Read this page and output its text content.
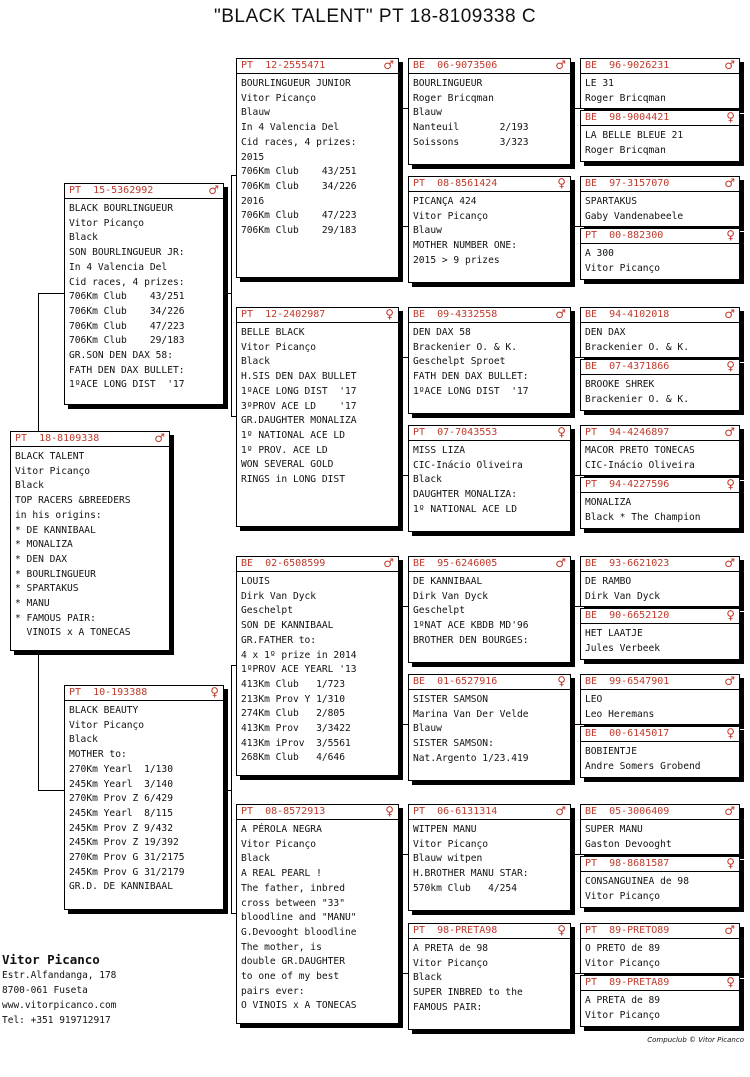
"BLACK TALENT" PT 18-8109338 C
PT  18-8109338	♂
BLACK TALENT
Vitor Picanço
Black
TOP RACERS &BREEDERS
in his origins:
* DE KANNIBAAL
* MONALIZA
* DEN DAX
* BOURLINGUEUR
* SPARTAKUS
* MANU
* FAMOUS PAIR:
VINOIS x A TONECAS
PT  15-5362992	♂
BLACK BOURLINGUEUR
Vitor Picanço
Black
SON BOURLINGUEUR JR:
In 4 Valencia Del
Cid races, 4 prizes:
706Km Club    43/251
706Km Club    34/226
706Km Club    47/223
706Km Club    29/183
GR.SON DEN DAX 58:
FATH DEN DAX BULLET:
1ºACE LONG DIST  '17
PT  10-193388	♀
BLACK BEAUTY
Vitor Picanço
Black
MOTHER to:
270Km Yearl  1/130
245Km Yearl  3/140
270Km Prov Z 6/429
245Km Yearl  8/115
245Km Prov Z 9/432
245Km Prov Z 19/392
270Km Prov G 31/2175
245Km Prov G 31/2179
GR.D. DE KANNIBAAL
PT  12-2555471	♂
BOURLINGUEUR JUNIOR
Vitor Picanço
Blauw
In 4 Valencia Del
Cid races, 4 prizes:
2015
706Km Club    43/251
706Km Club    34/226
2016
706Km Club    47/223
706Km Club    29/183
PT  12-2402987	♀
BELLE BLACK
Vitor Picanço
Black
H.SIS DEN DAX BULLET
1ºACE LONG DIST  '17
3ºPROV ACE LD    '17
GR.DAUGHTER MONALIZA
1º NATIONAL ACE LD
1º PROV. ACE LD
WON SEVERAL GOLD
RINGS in LONG DIST
BE  02-6508599	♂
LOUIS
Dirk Van Dyck
Geschelpt
SON DE KANNIBAAL
GR.FATHER to:
4 x 1º prize in 2014
1ºPROV ACE YEARL '13
413Km Club   1/723
213Km Prov Y 1/310
274Km Club   2/805
413Km Prov   3/3422
413Km iProv  3/5561
268Km Club   4/646
PT  08-8572913	♀
A PÉROLA NEGRA
Vitor Picanço
Black
A REAL PEARL !
The father, inbred
cross between "33"
bloodline and "MANU"
G.Devooght bloodline
The mother, is
double GR.DAUGHTER
to one of my best
pairs ever:
O VINOIS x A TONECAS
BE  06-9073506	♂
BOURLINGUEUR
Roger Bricqman
Blauw
Nanteuil       2/193
Soissons       3/323
PT  08-8561424	♀
PICANÇA 424
Vitor Picanço
Blauw
MOTHER NUMBER ONE:
2015 > 9 prizes
BE  09-4332558	♂
DEN DAX 58
Brackenier O. & K.
Geschelpt Sproet
FATH DEN DAX BULLET:
1ºACE LONG DIST  '17
PT  07-7043553	♀
MISS LIZA
CIC-Inácio Oliveira
Black
DAUGHTER MONALIZA:
1º NATIONAL ACE LD
BE  95-6246005	♂
DE KANNIBAAL
Dirk Van Dyck
Geschelpt
1ºNAT ACE KBDB MD'96
BROTHER DEN BOURGES:
BE  01-6527916	♀
SISTER SAMSON
Marina Van Der Velde
Blauw
SISTER SAMSON:
Nat.Argento 1/23.419
PT  06-6131314	♂
WITPEN MANU
Vitor Picanço
Blauw witpen
H.BROTHER MANU STAR:
570km Club   4/254
PT  98-PRETA98	♀
A PRETA de 98
Vitor Picanço
Black
SUPER INBRED to the
FAMOUS PAIR:
BE  96-9026231	♂
LE 31
Roger Bricqman
BE  98-9004421	♀
LA BELLE BLEUE 21
Roger Bricqman
BE  97-3157070	♂
SPARTAKUS
Gaby Vandenabeele
PT  00-882300	♀
A 300
Vitor Picanço
BE  94-4102018	♂
DEN DAX
Brackenier O. & K.
BE  07-4371866	♀
BROOKE SHREK
Brackenier O. & K.
PT  94-4246897	♂
MACOR PRETO TONECAS
CIC-Inácio Oliveira
PT  94-4227596	♀
MONALIZA
Black * The Champion
BE  93-6621023	♂
DE RAMBO
Dirk Van Dyck
BE  90-6652120	♀
HET LAATJE
Jules Verbeek
BE  99-6547901	♂
LEO
Leo Heremans
BE  00-6145017	♀
BOBIENTJE
Andre Somers Grobend
BE  05-3006409	♂
SUPER MANU
Gaston Devooght
PT  98-8681587	♀
CONSANGUINEA de 98
Vitor Picanço
PT  89-PRETO89	♂
O PRETO de 89
Vitor Picanço
PT  89-PRETA89	♀
A PRETA de 89
Vitor Picanço
Vitor Picanco
Estr.Alfandanga, 178
8700-061 Fuseta
www.vitorpicanco.com
Tel: +351 919712917
Compuclub © Vitor Picanco
